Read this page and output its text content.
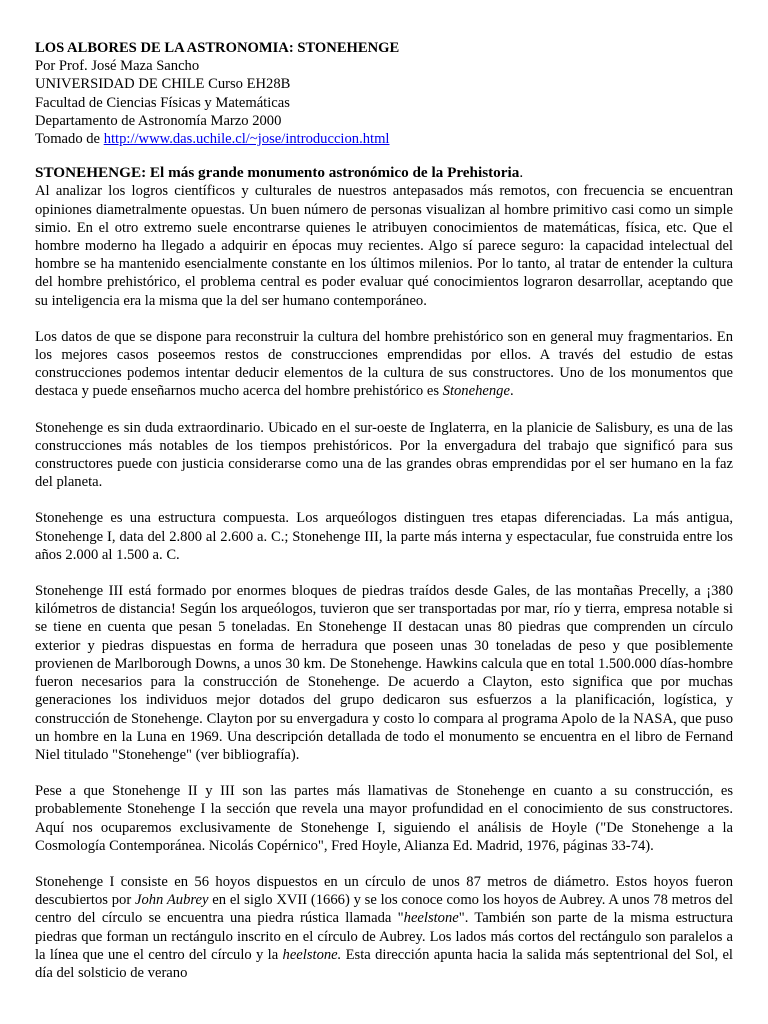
LOS ALBORES DE LA ASTRONOMIA: STONEHENGE

Por Prof. José Maza Sancho

UNIVERSIDAD DE CHILE Curso EH28B

Facultad de Ciencias Físicas y Matemáticas

Departamento de Astronomía Marzo 2000

Tomado de http://www.das.uchile.cl/~jose/introduccion.html

STONEHENGE: El más grande monumento astronómico de la Prehistoria.

Al analizar los logros científicos y culturales de nuestros antepasados más remotos, con frecuencia se encuentran opiniones diametralmente opuestas. Un buen número de personas visualizan al hombre primitivo casi como un simple simio. En el otro extremo suele encontrarse quienes le atribuyen conocimientos de matemáticas, física, etc. Que el hombre moderno ha llegado a adquirir en épocas muy recientes. Algo sí parece seguro: la capacidad intelectual del hombre se ha mantenido esencialmente constante en los últimos milenios. Por lo tanto, al tratar de entender la cultura del hombre prehistórico, el problema central es poder evaluar qué conocimientos lograron desarrollar, aceptando que su inteligencia era la misma que la del ser humano contemporáneo.

Los datos de que se dispone para reconstruir la cultura del hombre prehistórico son en general muy fragmentarios. En los mejores casos poseemos restos de construcciones emprendidas por ellos. A través del estudio de estas construcciones podemos intentar deducir elementos de la cultura de sus constructores. Uno de los monumentos que destaca y puede enseñarnos mucho acerca del hombre prehistórico es Stonehenge.

Stonehenge es sin duda extraordinario. Ubicado en el sur-oeste de Inglaterra, en la planicie de Salisbury, es una de las construcciones más notables de los tiempos prehistóricos. Por la envergadura del trabajo que significó para sus constructores puede con justicia considerarse como una de las grandes obras emprendidas por el ser humano en la faz del planeta.

Stonehenge es una estructura compuesta. Los arqueólogos distinguen tres etapas diferenciadas. La más antigua, Stonehenge I, data del 2.800 al 2.600 a. C.; Stonehenge III, la parte más interna y espectacular, fue construida entre los años 2.000 al 1.500 a. C.

Stonehenge III está formado por enormes bloques de piedras traídos desde Gales, de las montañas Precelly, a ¡380 kilómetros de distancia! Según los arqueólogos, tuvieron que ser transportadas por mar, río y tierra, empresa notable si se tiene en cuenta que pesan 5 toneladas. En Stonehenge II destacan unas 80 piedras que comprenden un círculo exterior y piedras dispuestas en forma de herradura que poseen unas 30 toneladas de peso y que posiblemente provienen de Marlborough Downs, a unos 30 km. De Stonehenge. Hawkins calcula que en total 1.500.000 días-hombre fueron necesarios para la construcción de Stonehenge. De acuerdo a Clayton, esto significa que por muchas generaciones los individuos mejor dotados del grupo dedicaron sus esfuerzos a la planificación, logística, y construcción de Stonehenge. Clayton por su envergadura y costo lo compara al programa Apolo de la NASA, que puso un hombre en la Luna en 1969. Una descripción detallada de todo el monumento se encuentra en el libro de Fernand Niel titulado "Stonehenge" (ver bibliografía).

Pese a que Stonehenge II y III son las partes más llamativas de Stonehenge en cuanto a su construcción, es probablemente Stonehenge I la sección que revela una mayor profundidad en el conocimiento de sus constructores. Aquí nos ocuparemos exclusivamente de Stonehenge I, siguiendo el análisis de Hoyle ("De Stonehenge a la Cosmología Contemporánea. Nicolás Copérnico", Fred Hoyle, Alianza Ed. Madrid, 1976, páginas 33-74).

Stonehenge I consiste en 56 hoyos dispuestos en un círculo de unos 87 metros de diámetro. Estos hoyos fueron descubiertos por John Aubrey en el siglo XVII (1666) y se los conoce como los hoyos de Aubrey. A unos 78 metros del centro del círculo se encuentra una piedra rústica llamada "heelstone". También son parte de la misma estructura piedras que forman un rectángulo inscrito en el círculo de Aubrey. Los lados más cortos del rectángulo son paralelos a la línea que une el centro del círculo y la heelstone. Esta dirección apunta hacia la salida más septentrional del Sol, el día del solsticio de verano
